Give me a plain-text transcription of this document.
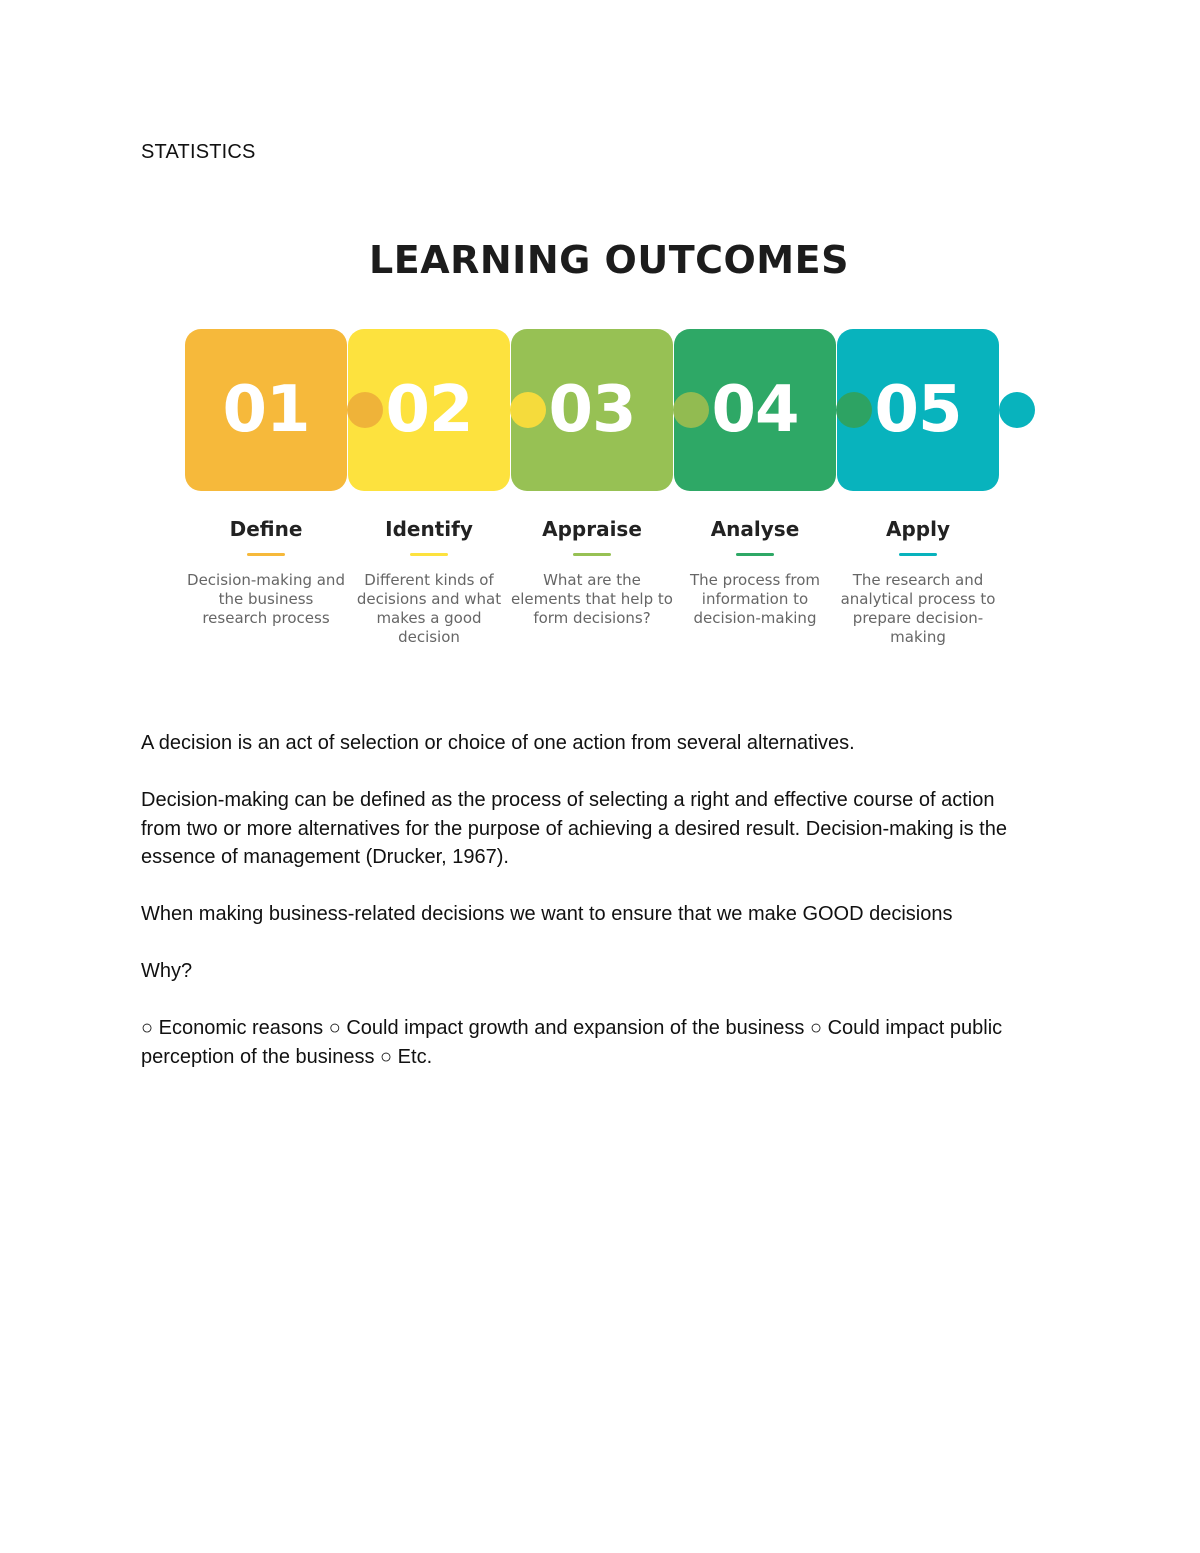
STATISTICS
LEARNING OUTCOMES
01 02 03 04 05
Define	Identify	Appraise	Analyse	Apply
Decision-making and the business research process
Different kinds of decisions and what makes a good decision
What are the elements that help to form decisions?
The process from information to decision-making
The research and analytical process to prepare decision-making

A decision is an act of selection or choice of one action from several alternatives.

Decision-making can be defined as the process of selecting a right and effective course of action from two or more alternatives for the purpose of achieving a desired result. Decision-making is the essence of management (Drucker, 1967).

When making business-related decisions we want to ensure that we make GOOD decisions

Why?

○ Economic reasons ○ Could impact growth and expansion of the business ○ Could impact public perception of the business ○ Etc.
